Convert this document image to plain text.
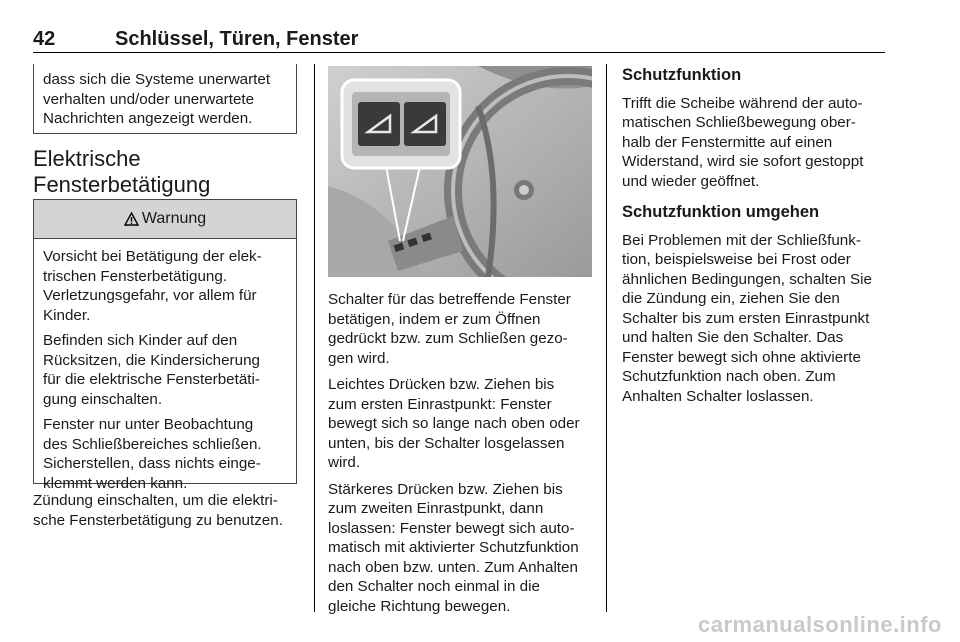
42	Schlüssel, Türen, Fenster
dass sich die Systeme unerwartet
verhalten und/oder unerwartete
Nachrichten angezeigt werden.
Elektrische
Fensterbetätigung
Warnung

Vorsicht bei Betätigung der elek-
trischen Fensterbetätigung.
Verletzungsgefahr, vor allem für
Kinder.

Befinden sich Kinder auf den
Rücksitzen, die Kindersicherung
für die elektrische Fensterbetäti-
gung einschalten.

Fenster nur unter Beobachtung
des Schließbereiches schließen.
Sicherstellen, dass nichts einge-
klemmt werden kann.

Zündung einschalten, um die elektri-
sche Fensterbetätigung zu benutzen.

Schalter für das betreffende Fenster
betätigen, indem er zum Öffnen
gedrückt bzw. zum Schließen gezo-
gen wird.

Leichtes Drücken bzw. Ziehen bis
zum ersten Einrastpunkt: Fenster
bewegt sich so lange nach oben oder
unten, bis der Schalter losgelassen
wird.

Stärkeres Drücken bzw. Ziehen bis
zum zweiten Einrastpunkt, dann
loslassen: Fenster bewegt sich auto-
matisch mit aktivierter Schutzfunktion
nach oben bzw. unten. Zum Anhalten
den Schalter noch einmal in die
gleiche Richtung bewegen.

Schutzfunktion

Trifft die Scheibe während der auto-
matischen Schließbewegung ober-
halb der Fenstermitte auf einen
Widerstand, wird sie sofort gestoppt
und wieder geöffnet.

Schutzfunktion umgehen

Bei Problemen mit der Schließfunk-
tion, beispielsweise bei Frost oder
ähnlichen Bedingungen, schalten Sie
die Zündung ein, ziehen Sie den
Schalter bis zum ersten Einrastpunkt
und halten Sie den Schalter. Das
Fenster bewegt sich ohne aktivierte
Schutzfunktion nach oben. Zum
Anhalten Schalter loslassen.

carmanualsonline.info
